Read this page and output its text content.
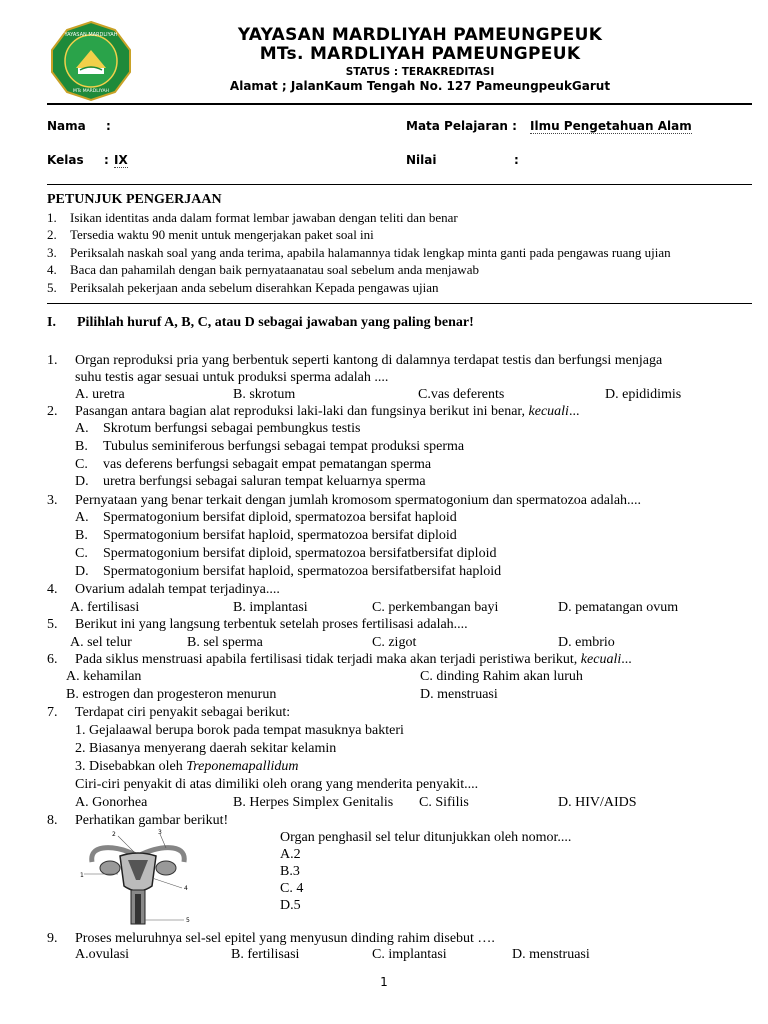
YAYASAN MARDLIYAH
MTs MARDLIYAH
YAYASAN MARDLIYAH PAMEUNGPEUK
MTs. MARDLIYAH PAMEUNGPEUK
STATUS : TERAKREDITASI
Alamat ; JalanKaum Tengah No. 127 PameungpeukGarut
Nama :	Mata Pelajaran : Ilmu Pengetahuan Alam
Kelas : IX	Nilai	:
PETUNJUK PENGERJAAN
1. Isikan identitas anda dalam format lembar jawaban dengan teliti dan benar
2. Tersedia waktu 90 menit untuk mengerjakan paket soal ini
3. Periksalah naskah soal yang anda terima, apabila halamannya tidak lengkap minta ganti pada pengawas ruang ujian
4. Baca dan pahamilah dengan baik pernyataanatau soal sebelum anda menjawab
5. Periksalah pekerjaan anda sebelum diserahkan Kepada pengawas ujian
I. Pilihlah huruf A, B, C, atau D sebagai jawaban yang paling benar!
1. Organ reproduksi pria yang berbentuk seperti kantong di dalamnya terdapat testis dan berfungsi menjaga
suhu testis agar sesuai untuk produksi sperma adalah ....
A. uretra	B. skrotum	C.vas deferents	D. epididimis
2. Pasangan antara bagian alat reproduksi laki-laki dan fungsinya berikut ini benar, kecuali...
A. Skrotum berfungsi sebagai pembungkus testis
B. Tubulus seminiferous berfungsi sebagai tempat produksi sperma
C. vas deferens berfungsi sebagait empat pematangan sperma
D. uretra berfungsi sebagai saluran tempat keluarnya sperma
3. Pernyataan yang benar terkait dengan jumlah kromosom spermatogonium dan spermatozoa adalah....
A. Spermatogonium bersifat diploid, spermatozoa bersifat haploid
B. Spermatogonium bersifat haploid, spermatozoa bersifat diploid
C. Spermatogonium bersifat diploid, spermatozoa bersifatbersifat diploid
D. Spermatogonium bersifat haploid, spermatozoa bersifatbersifat haploid
4. Ovarium adalah tempat terjadinya....
A. fertilisasi	B. implantasi	C. perkembangan bayi	D. pematangan ovum
5. Berikut ini yang langsung terbentuk setelah proses fertilisasi adalah....
A. sel telur	B. sel sperma	C. zigot	D. embrio
6. Pada siklus menstruasi apabila fertilisasi tidak terjadi maka akan terjadi peristiwa berikut, kecuali...
A. kehamilan	C. dinding Rahim akan luruh
B. estrogen dan progesteron menurun	D. menstruasi
7. Terdapat ciri penyakit sebagai berikut:
1. Gejalaawal berupa borok pada tempat masuknya bakteri
2. Biasanya menyerang daerah sekitar kelamin
3. Disebabkan oleh Treponemapallidum
Ciri-ciri penyakit di atas dimiliki oleh orang yang menderita penyakit....
A. Gonorhea	B. Herpes Simplex Genitalis C. Sifilis	D. HIV/AIDS
8. Perhatikan gambar berikut!
1
2	3
4
5
Organ penghasil sel telur ditunjukkan oleh nomor....
A.2
B.3
C. 4
D.5
9. Proses meluruhnya sel-sel epitel yang menyusun dinding rahim disebut ….
A.ovulasi	B. fertilisasi	C. implantasi	D. menstruasi
1
